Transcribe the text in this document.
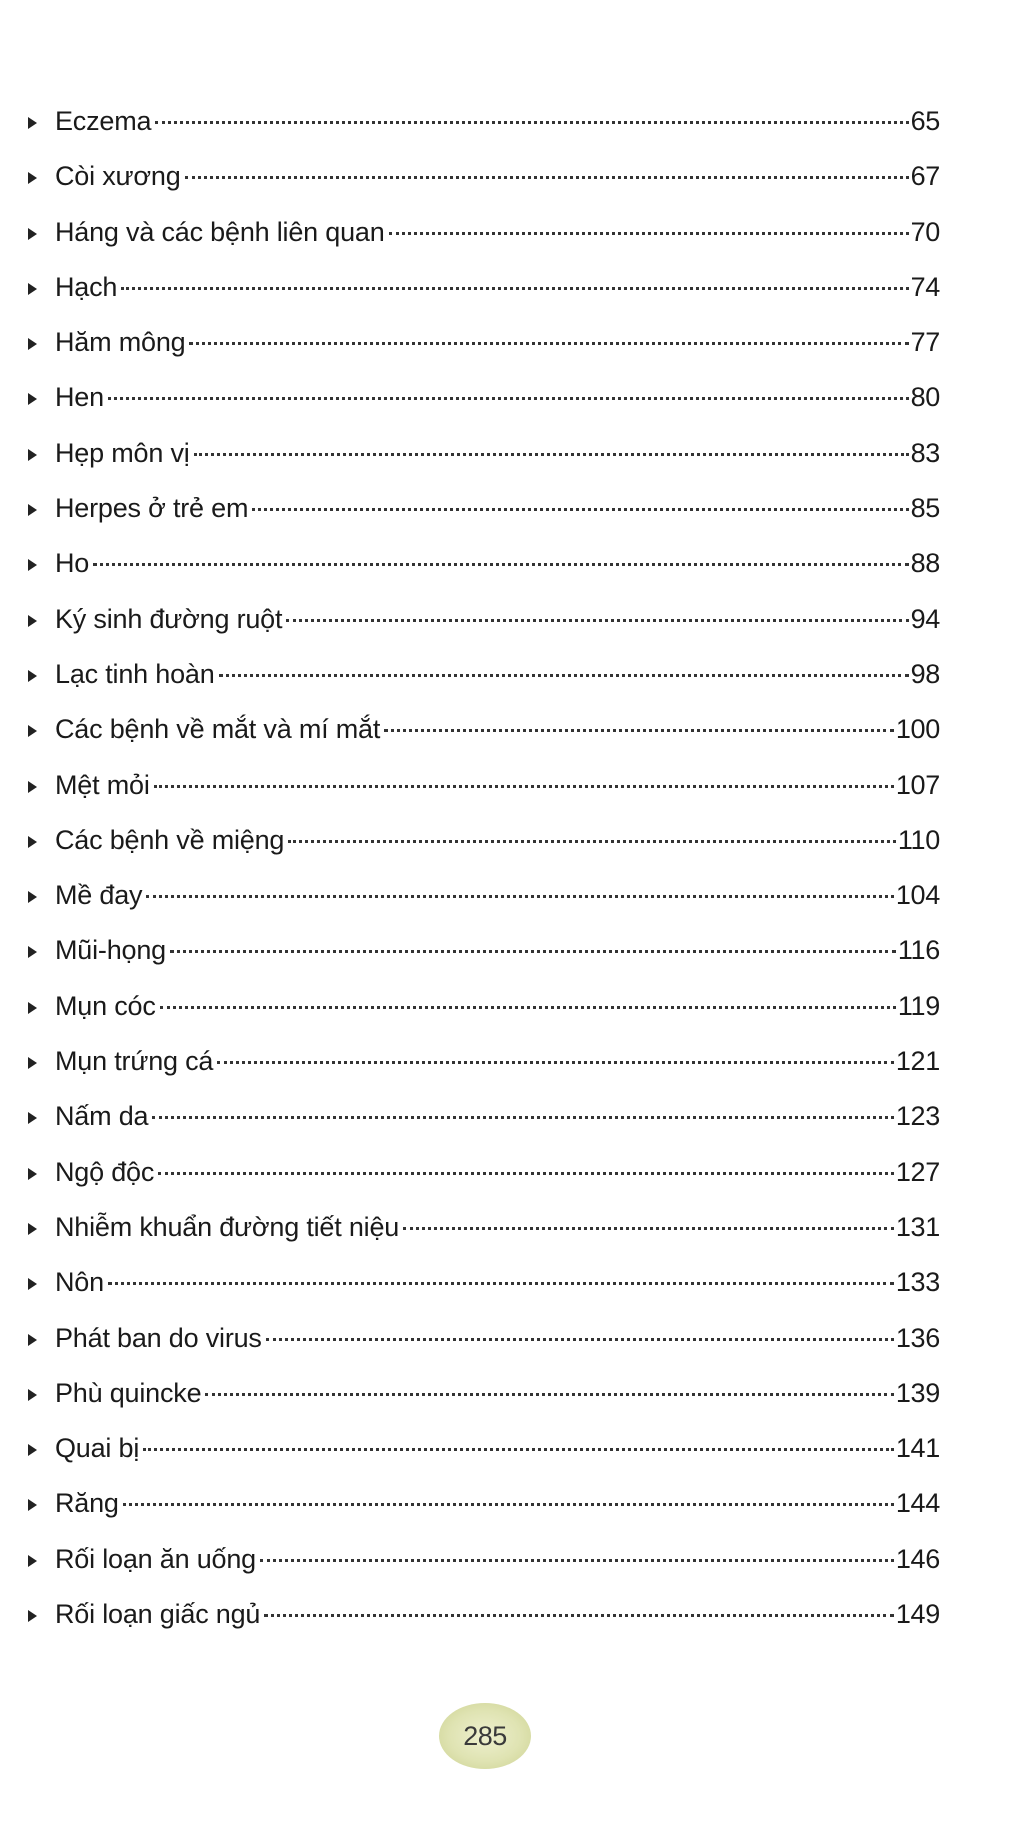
Eczema	65
Còi xương	67
Háng và các bệnh liên quan	70
Hạch	74
Hăm mông	77
Hen	80
Hẹp môn vị	83
Herpes ở trẻ em	85
Ho	88
Ký sinh đường ruột	94
Lạc tinh hoàn	98
Các bệnh về mắt và mí mắt	100
Mệt mỏi	107
Các bệnh về miệng	110
Mề đay	104
Mũi-họng	116
Mụn cóc	119
Mụn trứng cá	121
Nấm da	123
Ngộ độc	127
Nhiễm khuẩn đường tiết niệu	131
Nôn	133
Phát ban do virus	136
Phù quincke	139
Quai bị	141
Răng	144
Rối loạn ăn uống	146
Rối loạn giấc ngủ	149
285
